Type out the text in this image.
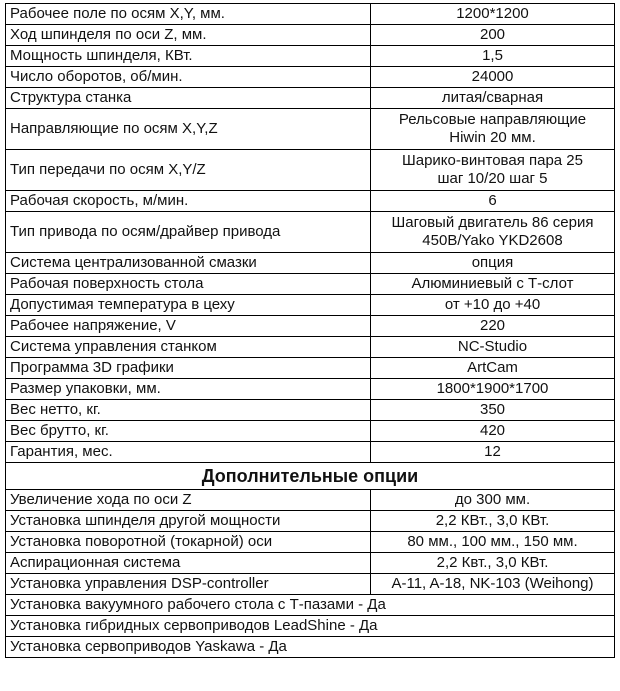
Рабочее поле по осям X,Y, мм.	1200*1200
Ход шпинделя по оси Z, мм.	200
Мощность шпинделя, КВт.	1,5
Число оборотов, об/мин.	24000
Структура станка	литая/сварная
Направляющие по осям X,Y,Z	Рельсовые направляющие
Hiwin 20 мм.

Тип передачи по осям X,Y/Z	Шарико-винтовая пара 25
шаг 10/20 шаг 5

Рабочая скорость, м/мин.	6
Тип привода по осям/драйвер привода	Шаговый двигатель 86 серия
450B/Yako YKD2608

Система централизованной смазки	опция
Рабочая поверхность стола	Алюминиевый с Т-слот
Допустимая температура в цеху	от +10 до +40
Рабочее напряжение, V	220
Система управления станком	NC-Studio
Программа 3D графики	ArtCam
Размер упаковки, мм.	1800*1900*1700
Вес нетто, кг.	350
Вес брутто, кг.	420
Гарантия, мес.	12
Дополнительные опции	
Увеличение хода по оси Z	до 300 мм.
Установка шпинделя другой мощности	2,2 КВт., 3,0 КВт.
Установка поворотной (токарной) оси	80 мм., 100 мм., 150 мм.
Аспирационная система	2,2 Квт., 3,0 КВт.
Установка управления DSP-controller	A-11, A-18, NK-103 (Weihong)
Установка вакуумного рабочего стола с Т-пазами - Да	
Установка гибридных сервоприводов LeadShine - Да	
Установка сервоприводов Yaskawa - Да	
